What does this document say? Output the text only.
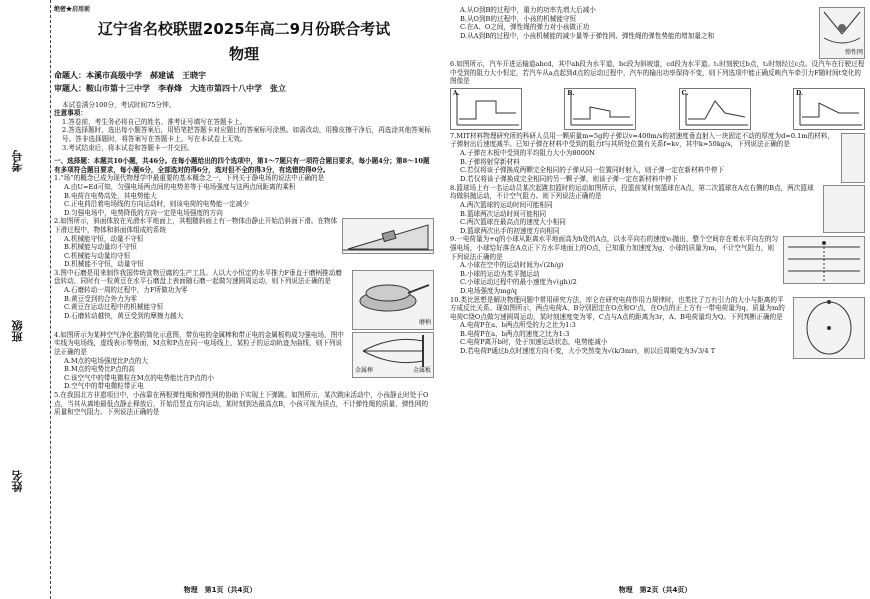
考号
班级
姓名

绝密★启用前

辽宁省名校联盟2025年高二9月份联合考试

物理

命题人：本溪市高级中学　郝建诚　王晓宇

审题人：鞍山市第十三中学　李春烽　大连市第四十八中学　张立

本试卷满分100分，考试时间75分钟。

注意事项：

1.答卷前，考生务必将自己的姓名、准考证号填写在答题卡上。

2.答选择题时，选出每小题答案后，用铅笔把答题卡对应题目的答案标号涂黑。如需改动，用橡皮擦干净后，再选涂其他答案标号。答非选择题时，将答案写在答题卡上。写在本试卷上无效。

3.考试结束后，将本试卷和答题卡一并交回。

一、选择题：本题共10小题，共46分。在每小题给出的四个选项中，第1～7题只有一项符合题目要求，每小题4分；第8～10题有多项符合题目要求，每小题6分，全部选对的得6分，选对但不全的得3分，有选错的得0分。

1.“场”的概念已成为现代物理学中最重要的基本概念之一，下列关于静电场的说法中正确的是

A.由U=Ed可知，匀强电场两点间的电势差等于电场强度与这两点间距离的乘积

B.电荷在电势高处，其电势能大

C.正电荷沿着电场线的方向运动时，则该电荷的电势能一定减少

D.匀强电场中，电势降低的方向一定是电场强度的方向

2.如图所示，斜面体放在光滑水平地面上，其粗糙斜面上有一物体由静止开始沿斜面下滑。在物体下滑过程中，物体和斜面体组成的系统

A.机械能守恒，动量不守恒

B.机械能与动量均不守恒

C.机械能与动量均守恒

D.机械能不守恒，动量守恒

磨柄

3.图中石磨是用来制作我国传统食物豆腐的生产工具。人以大小恒定的水平推力F垂直于磨柄推动磨盘转动，同时有一粒黄豆在水平石磨盘上表面随石磨一起做匀速圆周运动，则下列说法正确的是

A.石磨转动一周的过程中，力F所做功为零

B.黄豆受到的合外力为零

C.黄豆在运动过程中的机械能守恒

D.石磨转动越快，黄豆受到的摩擦力越大

金属棒	金属板

4.如图所示为某种空气净化器的简化示意图，带负电的金属棒和带正电的金属板构成匀强电场，图中实线为电场线，虚线表示等势面，M点和P点在同一电场线上，某粒子的运动轨迹为曲线，则下列说法正确的是

A.M点的电场强度比P点的大

B.M点的电势比P点的高

C.该空气中的带电微粒在M点的电势能比在P点的小

D.空气中的带电微粒带正电

5.在我国北方非遗项目中，小孩靠在两根弹性绳和弹性网的协助下实现上下弹跳。如图所示，某次跳床活动中，小孩静止时处于O点，当其从离地最低点静止释放后，开始沿竖直方向运动，某时刻到达最高点B，小孩可视为质点，不计弹性绳的质量，弹性网的质量和空气阻力。下列说法正确的是

物理　第1页（共4页）
弹性网

A.从O到B的过程中，重力的功率先增大后减小

B.从O到B的过程中，小孩的机械能守恒

C.在A、O之间，弹性绳的弹力对小孩做正功

D.从A到B的过程中，小孩机械能的减少量等于弹性网、弹性绳的弹性势能的增加量之和

6.如图所示，汽车开进运输道abcd，其中ab段为水平道，bc段为斜坡道，cd段为水平道。t₁时刻驶过b点，t₂时刻经过c点。设汽车在行驶过程中受到的阻力大小恒定，若汽车从a点起到d点的运动过程中，汽车的输出功率保持不变，则下列选项中能正确反映汽车牵引力F随时间t变化的图像是

A.	B.	C.	D.

7.MIT材料物理研究所的科研人员用一颗质量m=5g的子弹以v=400m/s的初速度垂直射入一块固定不动的厚度为d=0.1m的材料，子弹射出后速度减半。已知子弹在材料中受到的阻力f与其所处位置有关系f=kv，其中k=50kg/s，下列说法正确的是

A.子弹在木板中受到的平均阻力大小为8000N

B.子弹将射穿新材料

C.若仅将该子弹换成两颗完全相同的子弹从同一位置同时射入，则子弹一定在新材料中停下

D.若仅将该子弹换成完全相同的另一颗子弹，则该子弹一定在新材料中停下

8.篮球场上有一名运动员某次起跳扣篮时的运动如图所示，投篮前某时刻篮球在A点，第二次篮球在A点右侧的B点，两次篮球均做斜抛运动，不计空气阻力。则下列说法正确的是

A.两次篮球的运动时间可能相同

B.篮球两次运动时间可能相同

C.两次篮球在最高点的速度大小相同

D.篮球两次出手的初速度方向相同

9.一电荷量为+q的小球从距离水平地面高为h处的A点，以水平向右的速度v₀抛出，整个空间存在着水平向左的匀强电场，小球恰好落在A点正下方水平地面上的O点，已知重力加速度为g，小球的质量为m，不计空气阻力，则下列说法正确的是

A.小球在空中的运动时间为√(2h/g)

B.小球的运动为类平抛运动

C.小球运动过程中的最小速度为√(gh)/2

D.电场强度为mg/q

10.类比思想是解决物理问题中常用研究方法，库仑在研究电荷作用力规律时，也类比了万有引力的大小与距离的平方成反比关系。现如图所示，两点电荷A、B分别固定在O点和O'点，在O点的正上方有一带电荷量为q、质量为m的电荷C绕O点做匀速圆周运动，某时刻速度变为零，C点与A点的距离为3r，A、B电荷量均为Q。下列判断正确的是

A.电荷P在a、b两点所受的力之比为1:3

B.电荷P在a、b两点的速度之比为1:3

C.电荷P离开b时，处于加速运动状态，电势能减小

D.若电荷P通过b点时速度方向不变，大小突然变为√(k/3mr)，则以后周期变为3√3/4 T

物理　第2页（共4页）
